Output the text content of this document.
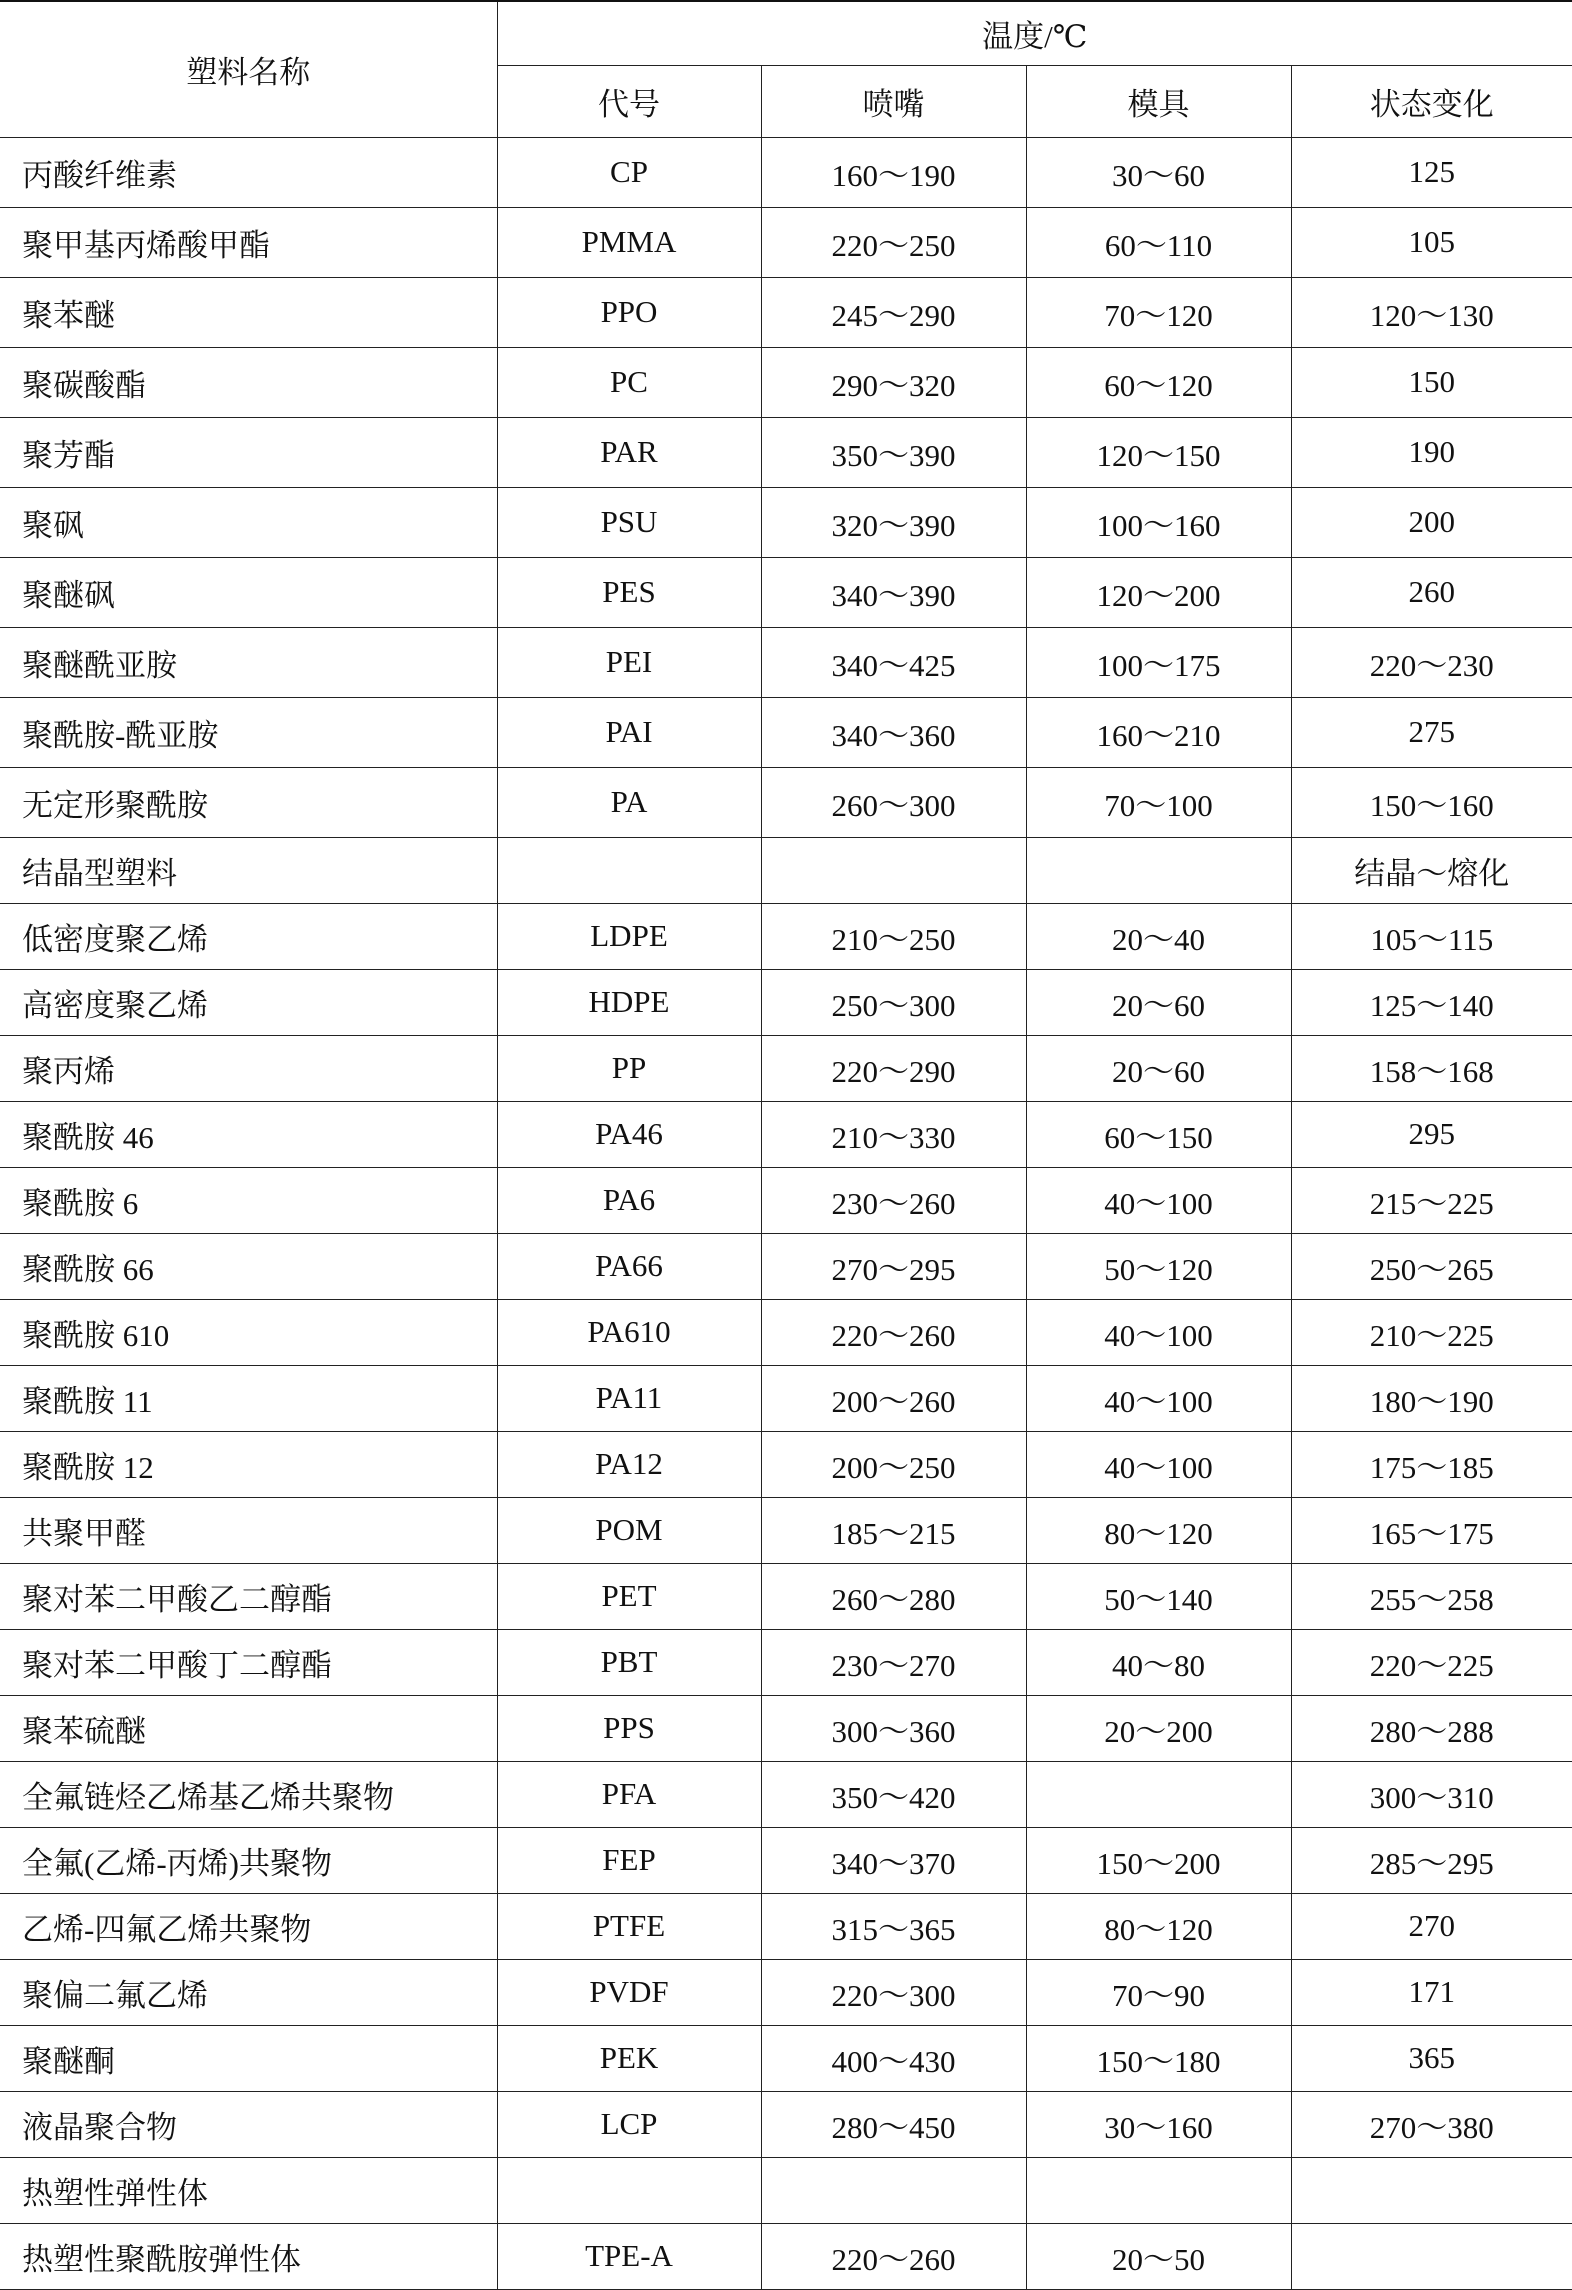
塑料名称	温度/℃			
	代号	喷嘴	模具	状态变化
丙酸纤维素	CP	160～190	30～60	125
聚甲基丙烯酸甲酯	PMMA	220～250	60～110	105
聚苯醚	PPO	245～290	70～120	120～130
聚碳酸酯	PC	290～320	60～120	150
聚芳酯	PAR	350～390	120～150	190
聚砜	PSU	320～390	100～160	200
聚醚砜	PES	340～390	120～200	260
聚醚酰亚胺	PEI	340～425	100～175	220～230
聚酰胺-酰亚胺	PAI	340～360	160～210	275
无定形聚酰胺	PA	260～300	70～100	150～160
结晶型塑料				结晶～熔化
低密度聚乙烯	LDPE	210～250	20～40	105～115
高密度聚乙烯	HDPE	250～300	20～60	125～140
聚丙烯	PP	220～290	20～60	158～168
聚酰胺 46	PA46	210～330	60～150	295
聚酰胺 6	PA6	230～260	40～100	215～225
聚酰胺 66	PA66	270～295	50～120	250～265
聚酰胺 610	PA610	220～260	40～100	210～225
聚酰胺 11	PA11	200～260	40～100	180～190
聚酰胺 12	PA12	200～250	40～100	175～185
共聚甲醛	POM	185～215	80～120	165～175
聚对苯二甲酸乙二醇酯	PET	260～280	50～140	255～258
聚对苯二甲酸丁二醇酯	PBT	230～270	40～80	220～225
聚苯硫醚	PPS	300～360	20～200	280～288
全氟链烃乙烯基乙烯共聚物	PFA	350～420		300～310
全氟(乙烯-丙烯)共聚物	FEP	340～370	150～200	285～295
乙烯-四氟乙烯共聚物	PTFE	315～365	80～120	270
聚偏二氟乙烯	PVDF	220～300	70～90	171
聚醚酮	PEK	400～430	150～180	365
液晶聚合物	LCP	280～450	30～160	270～380
热塑性弹性体				
热塑性聚酰胺弹性体	TPE-A	220～260	20～50	
